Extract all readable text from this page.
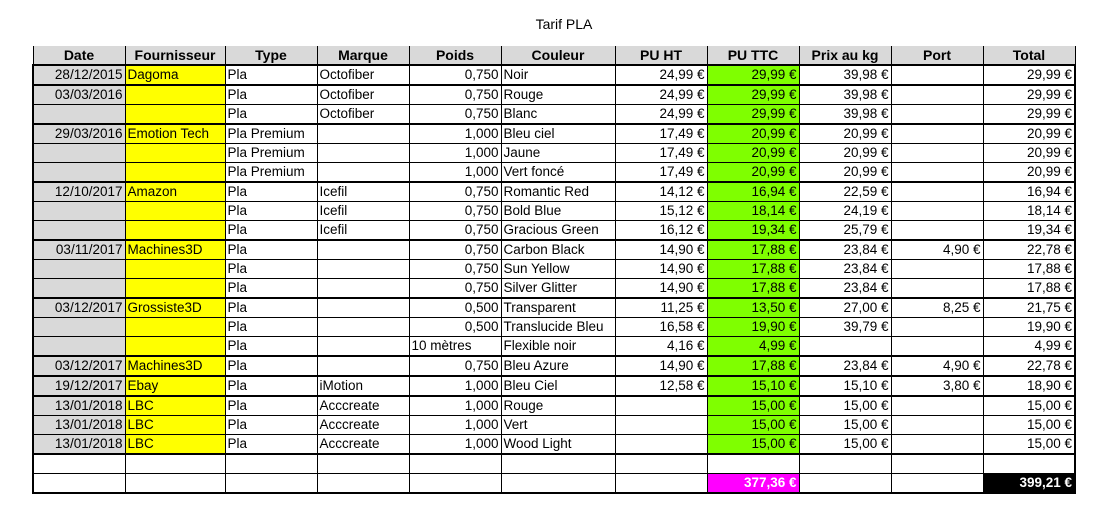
Tarif PLA
Date	Fournisseur	Type	Marque	Poids	Couleur	PU HT	PU TTC	Prix au kg	Port	Total
28/12/2015	Dagoma	Pla	Octofiber	0,750	Noir	24,99 €	29,99 €	39,98 €		29,99 €
03/03/2016		Pla	Octofiber	0,750	Rouge	24,99 €	29,99 €	39,98 €		29,99 €
		Pla	Octofiber	0,750	Blanc	24,99 €	29,99 €	39,98 €		29,99 €
29/03/2016	Emotion Tech	Pla Premium		1,000	Bleu ciel	17,49 €	20,99 €	20,99 €		20,99 €
		Pla Premium		1,000	Jaune	17,49 €	20,99 €	20,99 €		20,99 €
		Pla Premium		1,000	Vert foncé	17,49 €	20,99 €	20,99 €		20,99 €
12/10/2017	Amazon	Pla	Icefil	0,750	Romantic Red	14,12 €	16,94 €	22,59 €		16,94 €
		Pla	Icefil	0,750	Bold Blue	15,12 €	18,14 €	24,19 €		18,14 €
		Pla	Icefil	0,750	Gracious Green	16,12 €	19,34 €	25,79 €		19,34 €
03/11/2017	Machines3D	Pla		0,750	Carbon Black	14,90 €	17,88 €	23,84 €	4,90 €	22,78 €
		Pla		0,750	Sun Yellow	14,90 €	17,88 €	23,84 €		17,88 €
		Pla		0,750	Silver Glitter	14,90 €	17,88 €	23,84 €		17,88 €
03/12/2017	Grossiste3D	Pla		0,500	Transparent	11,25 €	13,50 €	27,00 €	8,25 €	21,75 €
		Pla		0,500	Translucide Bleu	16,58 €	19,90 €	39,79 €		19,90 €
		Pla		10 mètres	Flexible noir	4,16 €	4,99 €			4,99 €
03/12/2017	Machines3D	Pla		0,750	Bleu Azure	14,90 €	17,88 €	23,84 €	4,90 €	22,78 €
19/12/2017	Ebay	Pla	iMotion	1,000	Bleu Ciel	12,58 €	15,10 €	15,10 €	3,80 €	18,90 €
13/01/2018	LBC	Pla	Acccreate	1,000	Rouge		15,00 €	15,00 €		15,00 €
13/01/2018	LBC	Pla	Acccreate	1,000	Vert		15,00 €	15,00 €		15,00 €
13/01/2018	LBC	Pla	Acccreate	1,000	Wood Light		15,00 €	15,00 €		15,00 €

							377,36 €			399,21 €
